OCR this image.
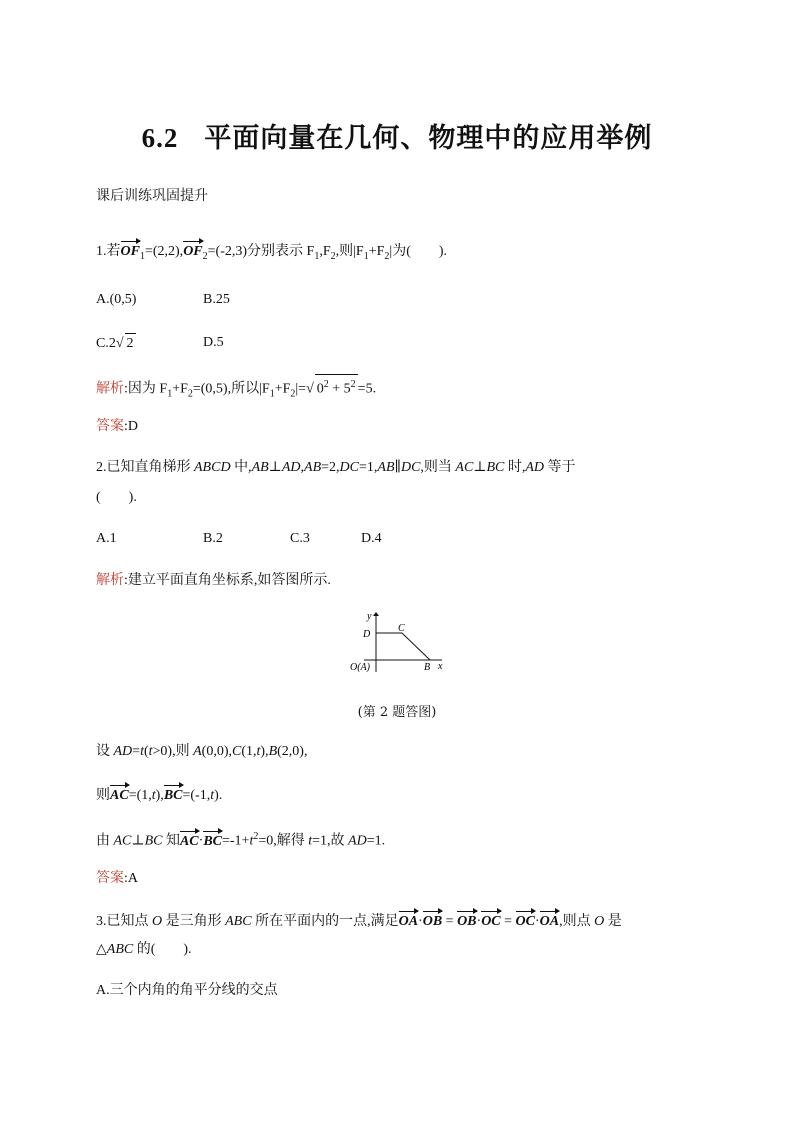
6.2 平面向量在几何、物理中的应用举例
课后训练巩固提升
1.若$OF_1=(2,2),OF_2=(-2,3)$分别表示 $F_1,F_2$,则$|F_1+F_2|$为(　　).
A.(0,5)	B.25
C.2√ 2	D.5
解析:因为 $F_1+F_2=(0,5)$,所以$|F_1+F_2|=√$ $0^2 + 5^2 =5$.
答案:D
2.已知直角梯形 ABCD 中,AB⊥AD,AB=2,DC=1,AB∥DC,则当 AC⊥BC 时,AD 等于
(　　).
A.1	B.2	C.3	D.4
解析:建立平面直角坐标系,如答图所示.
y
D
C
O(A)	B x
(第 2 题答图)
设 AD=t(t>0),则 A(0,0),C(1,t),B(2,0),
则AC=(1,t),BC=(-1,t).
由 AC⊥BC 知$AC\cdot BC=-1+t^2=0$,解得 t=1,故 AD=1.
答案:A
3.已知点 O 是三角形 ABC 所在平面内的一点,满足OA·OB = OB·OC = OC·OA,则点 O 是
△ABC 的(　　).
A.三个内角的角平分线的交点
